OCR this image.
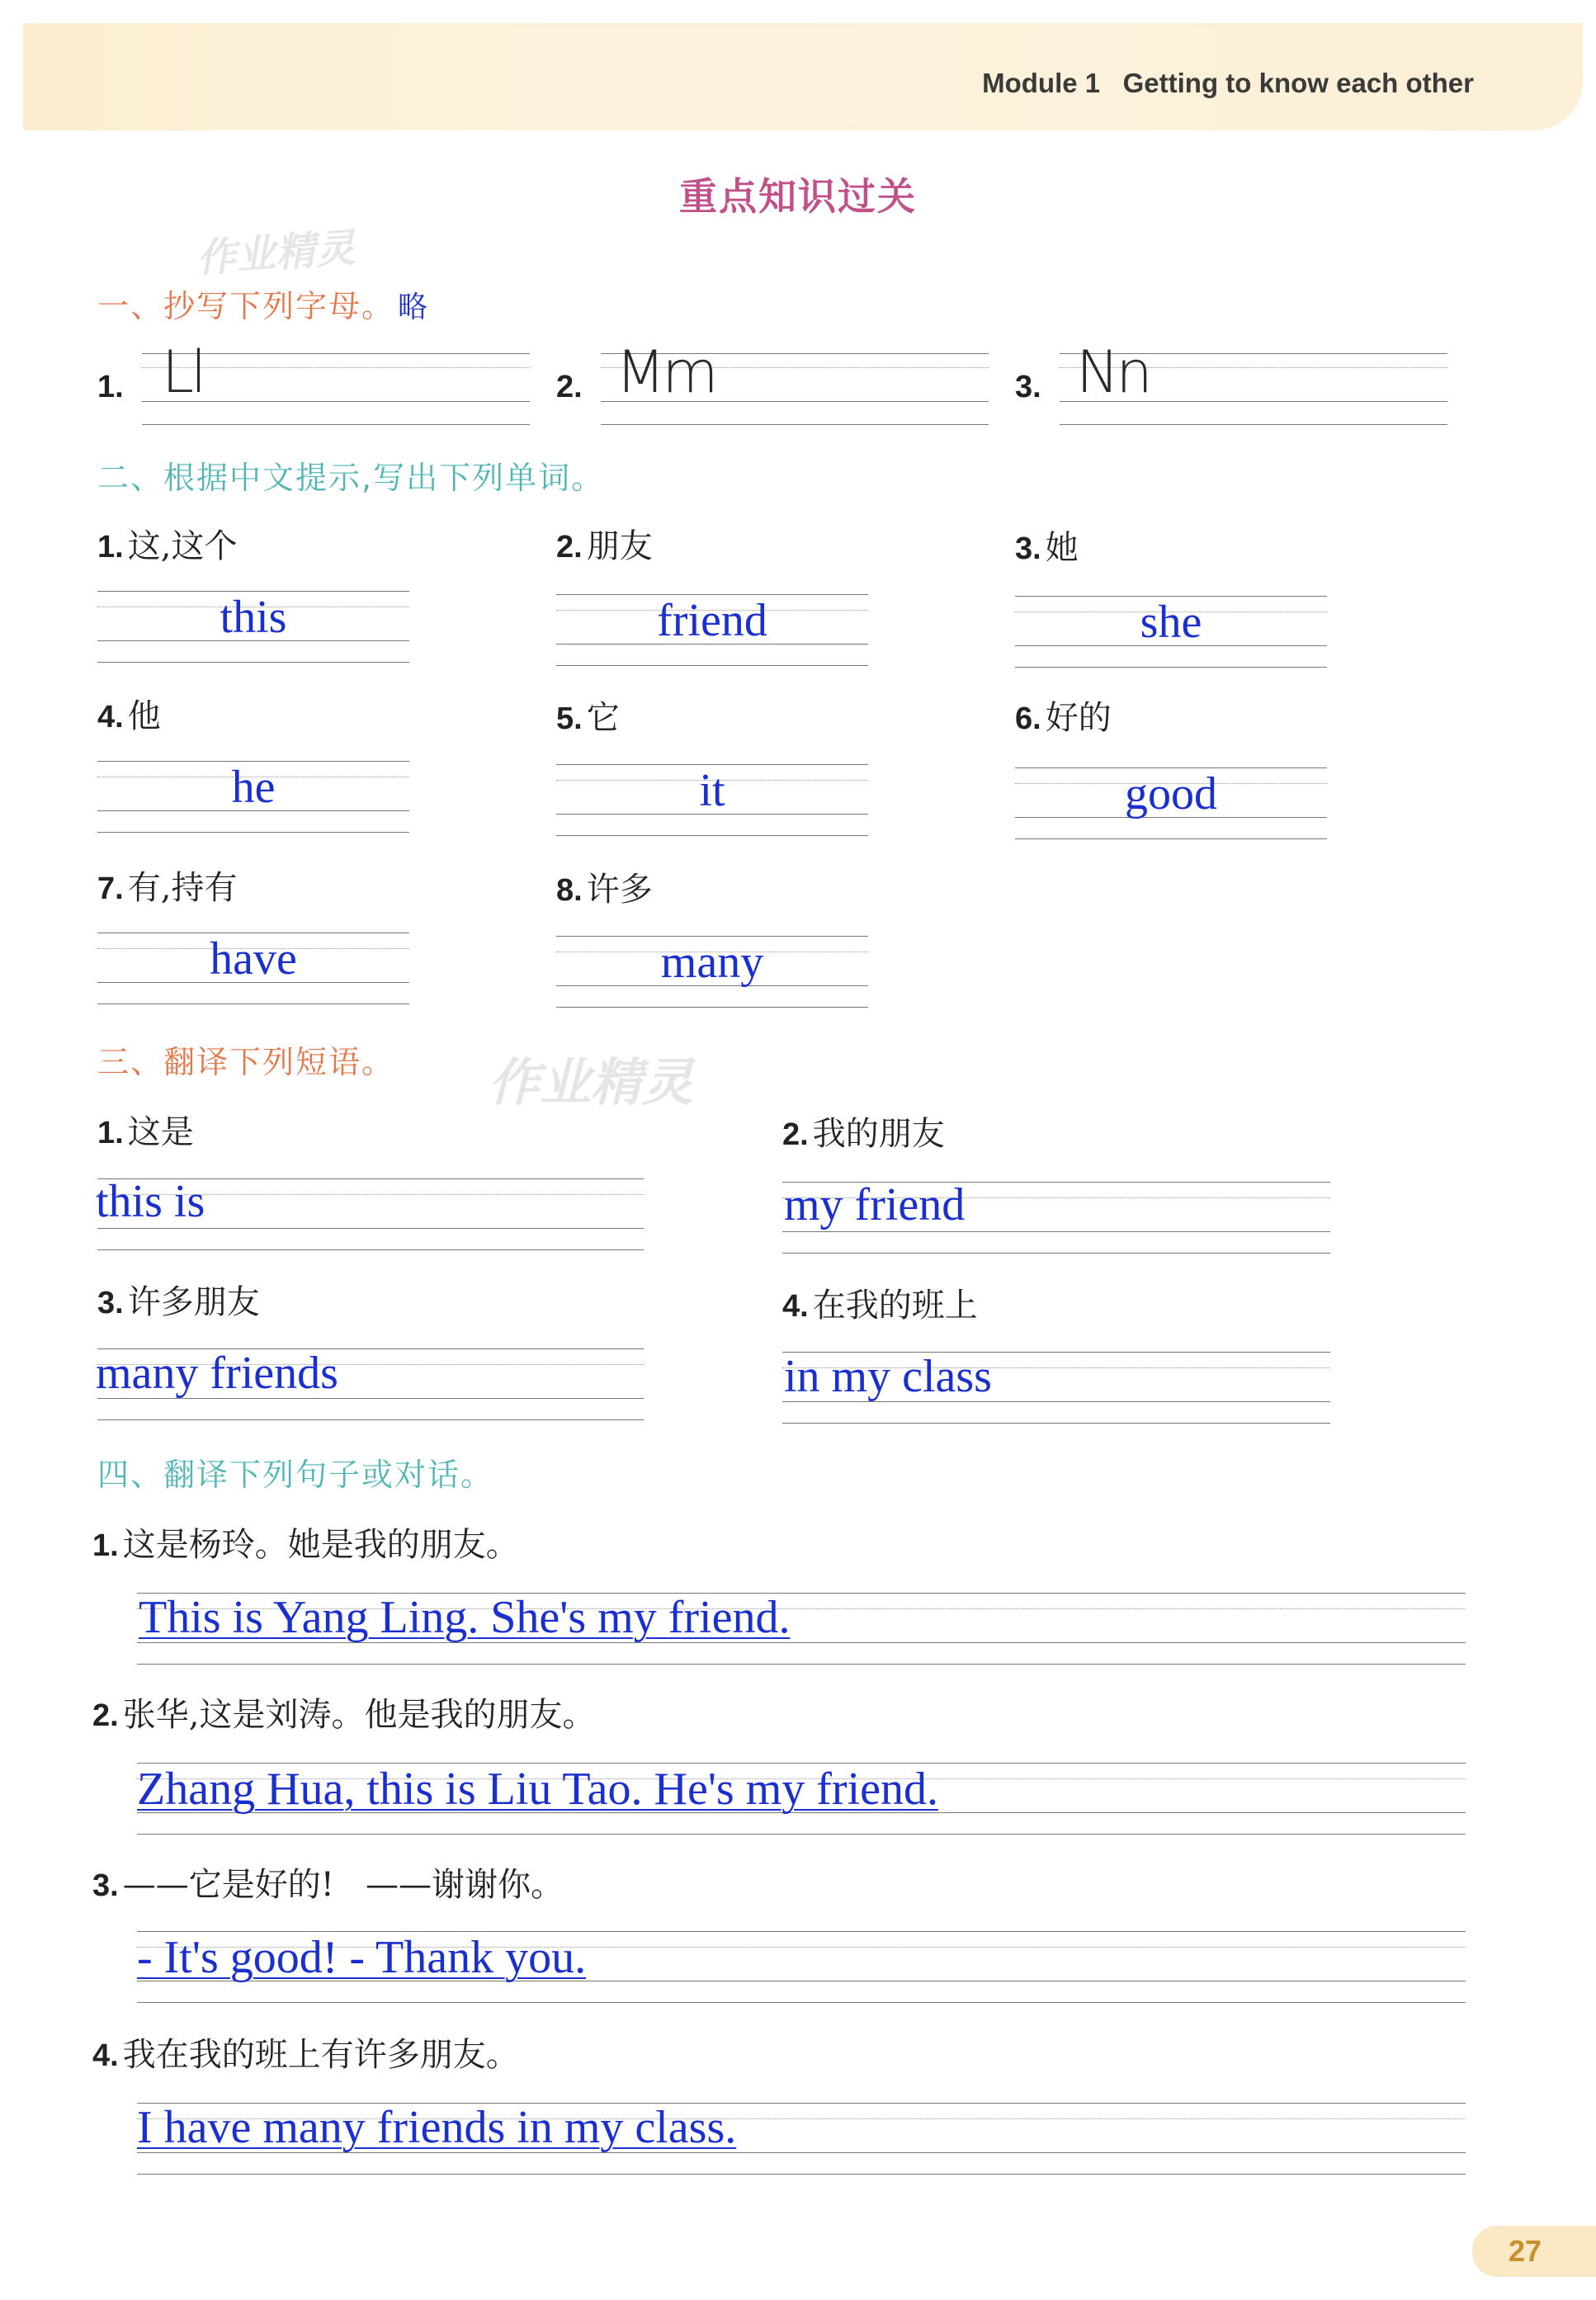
Module 1 Getting to know each other
重点知识过关
作业精灵
作业精灵
一、抄写下列字母。 略
1. Ll	2. Mm	3. Nn
二、根据中文提示,写出下列单词。
1. 这,这个
this
2. 朋友
friend
3. 她
she
4. 他
he
5. 它
it
6. 好的
good
7. 有,持有
have
8. 许多
many
三、翻译下列短语。
1. 这是
this is
2. 我的朋友
my friend
3. 许多朋友
many friends
4. 在我的班上
in my class
四、翻译下列句子或对话。
1. 这是杨玲。她是我的朋友。
This is Yang Ling. She's my friend.
2. 张华,这是刘涛。他是我的朋友。
Zhang Hua, this is Liu Tao. He's my friend.
3. ——它是好的!   ——谢谢你。
- It's good! - Thank you.
4. 我在我的班上有许多朋友。
I have many friends in my class.
27
